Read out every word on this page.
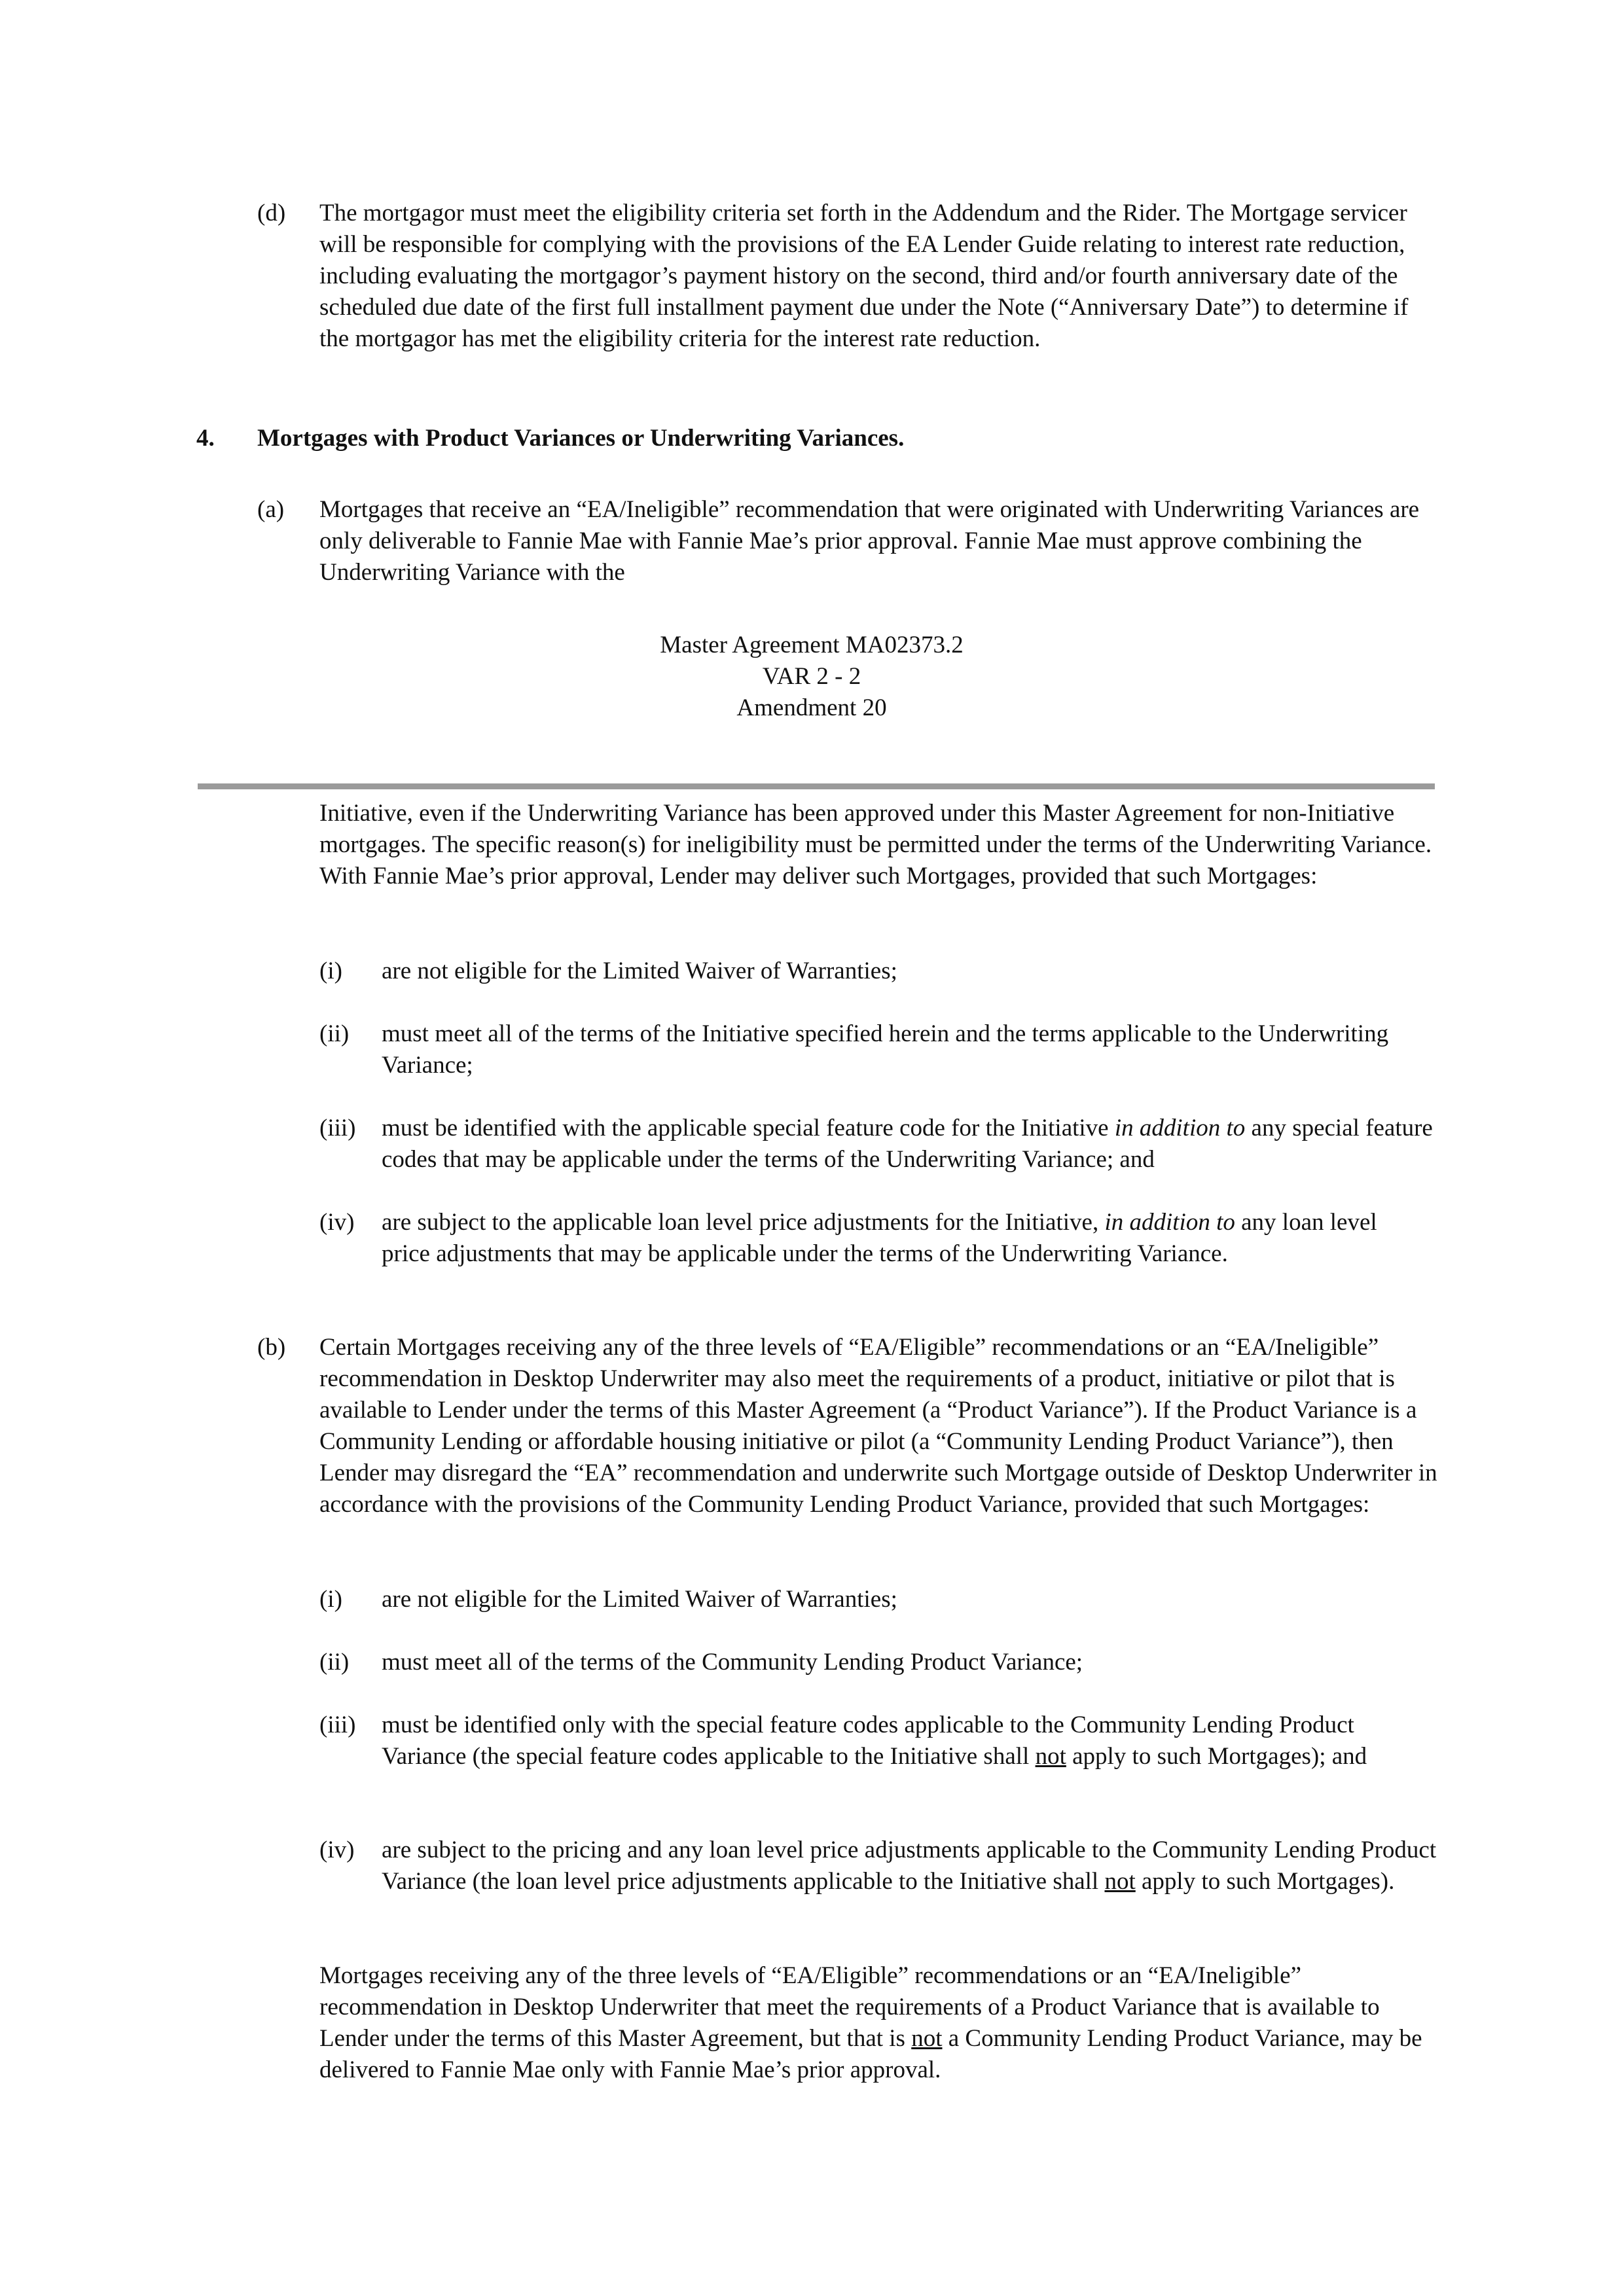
(d) The mortgagor must meet the eligibility criteria set forth in the Addendum and the Rider. The Mortgage servicer will be responsible for complying with the provisions of the EA Lender Guide relating to interest rate reduction, including evaluating the mortgagor’s payment history on the second, third and/or fourth anniversary date of the scheduled due date of the first full installment payment due under the Note (“Anniversary Date”) to determine if the mortgagor has met the eligibility criteria for the interest rate reduction.
4. Mortgages with Product Variances or Underwriting Variances.
(a) Mortgages that receive an “EA/Ineligible” recommendation that were originated with Underwriting Variances are only deliverable to Fannie Mae with Fannie Mae’s prior approval. Fannie Mae must approve combining the Underwriting Variance with the
Master Agreement MA02373.2
VAR 2 - 2
Amendment 20
Initiative, even if the Underwriting Variance has been approved under this Master Agreement for non-Initiative mortgages. The specific reason(s) for ineligibility must be permitted under the terms of the Underwriting Variance. With Fannie Mae’s prior approval, Lender may deliver such Mortgages, provided that such Mortgages:
(i) are not eligible for the Limited Waiver of Warranties;
(ii) must meet all of the terms of the Initiative specified herein and the terms applicable to the Underwriting Variance;
(iii) must be identified with the applicable special feature code for the Initiative in addition to any special feature codes that may be applicable under the terms of the Underwriting Variance; and
(iv) are subject to the applicable loan level price adjustments for the Initiative, in addition to any loan level price adjustments that may be applicable under the terms of the Underwriting Variance.
(b) Certain Mortgages receiving any of the three levels of “EA/Eligible” recommendations or an “EA/Ineligible” recommendation in Desktop Underwriter may also meet the requirements of a product, initiative or pilot that is available to Lender under the terms of this Master Agreement (a “Product Variance”). If the Product Variance is a Community Lending or affordable housing initiative or pilot (a “Community Lending Product Variance”), then Lender may disregard the “EA” recommendation and underwrite such Mortgage outside of Desktop Underwriter in accordance with the provisions of the Community Lending Product Variance, provided that such Mortgages:
(i) are not eligible for the Limited Waiver of Warranties;
(ii) must meet all of the terms of the Community Lending Product Variance;
(iii) must be identified only with the special feature codes applicable to the Community Lending Product Variance (the special feature codes applicable to the Initiative shall not apply to such Mortgages); and
(iv) are subject to the pricing and any loan level price adjustments applicable to the Community Lending Product Variance (the loan level price adjustments applicable to the Initiative shall not apply to such Mortgages).
Mortgages receiving any of the three levels of “EA/Eligible” recommendations or an “EA/Ineligible” recommendation in Desktop Underwriter that meet the requirements of a Product Variance that is available to Lender under the terms of this Master Agreement, but that is not a Community Lending Product Variance, may be delivered to Fannie Mae only with Fannie Mae’s prior approval.
